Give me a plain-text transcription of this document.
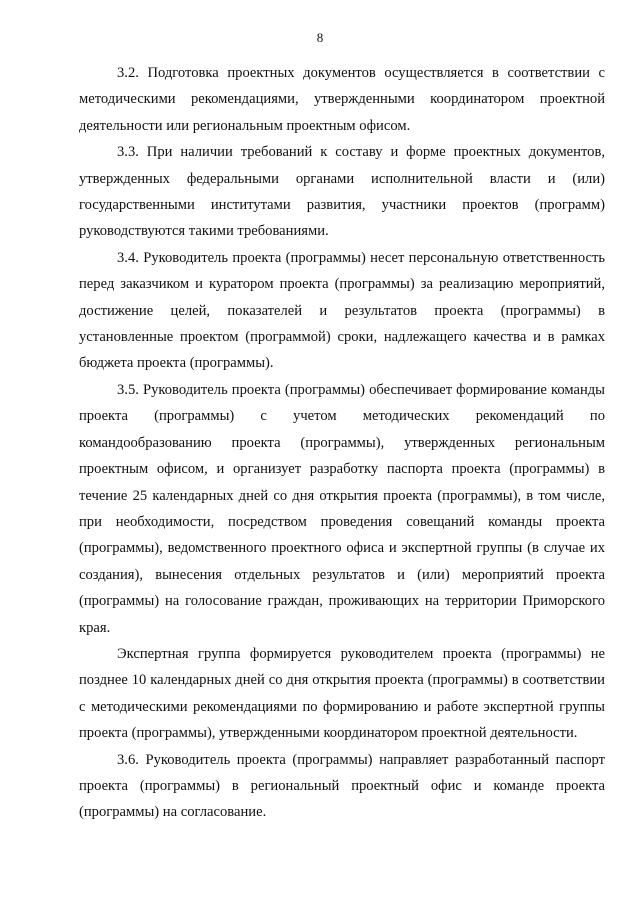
8

3.2. Подготовка проектных документов осуществляется в соответствии с методическими рекомендациями, утвержденными координатором проектной деятельности или региональным проектным офисом.

3.3. При наличии требований к составу и форме проектных документов, утвержденных федеральными органами исполнительной власти и (или) государственными институтами развития, участники проектов (программ) руководствуются такими требованиями.

3.4. Руководитель проекта (программы) несет персональную ответственность перед заказчиком и куратором проекта (программы) за реализацию мероприятий, достижение целей, показателей и результатов проекта (программы) в установленные проектом (программой) сроки, надлежащего качества и в рамках бюджета проекта (программы).

3.5. Руководитель проекта (программы) обеспечивает формирование команды проекта (программы) с учетом методических рекомендаций по командообразованию проекта (программы), утвержденных региональным проектным офисом, и организует разработку паспорта проекта (программы) в течение 25 календарных дней со дня открытия проекта (программы), в том числе, при необходимости, посредством проведения совещаний команды проекта (программы), ведомственного проектного офиса и экспертной группы (в случае их создания), вынесения отдельных результатов и (или) мероприятий проекта (программы) на голосование граждан, проживающих на территории Приморского края.

Экспертная группа формируется руководителем проекта (программы) не позднее 10 календарных дней со дня открытия проекта (программы) в соответствии с методическими рекомендациями по формированию и работе экспертной группы проекта (программы), утвержденными координатором проектной деятельности.

3.6. Руководитель проекта (программы) направляет разработанный паспорт проекта (программы) в региональный проектный офис и команде проекта (программы) на согласование.
